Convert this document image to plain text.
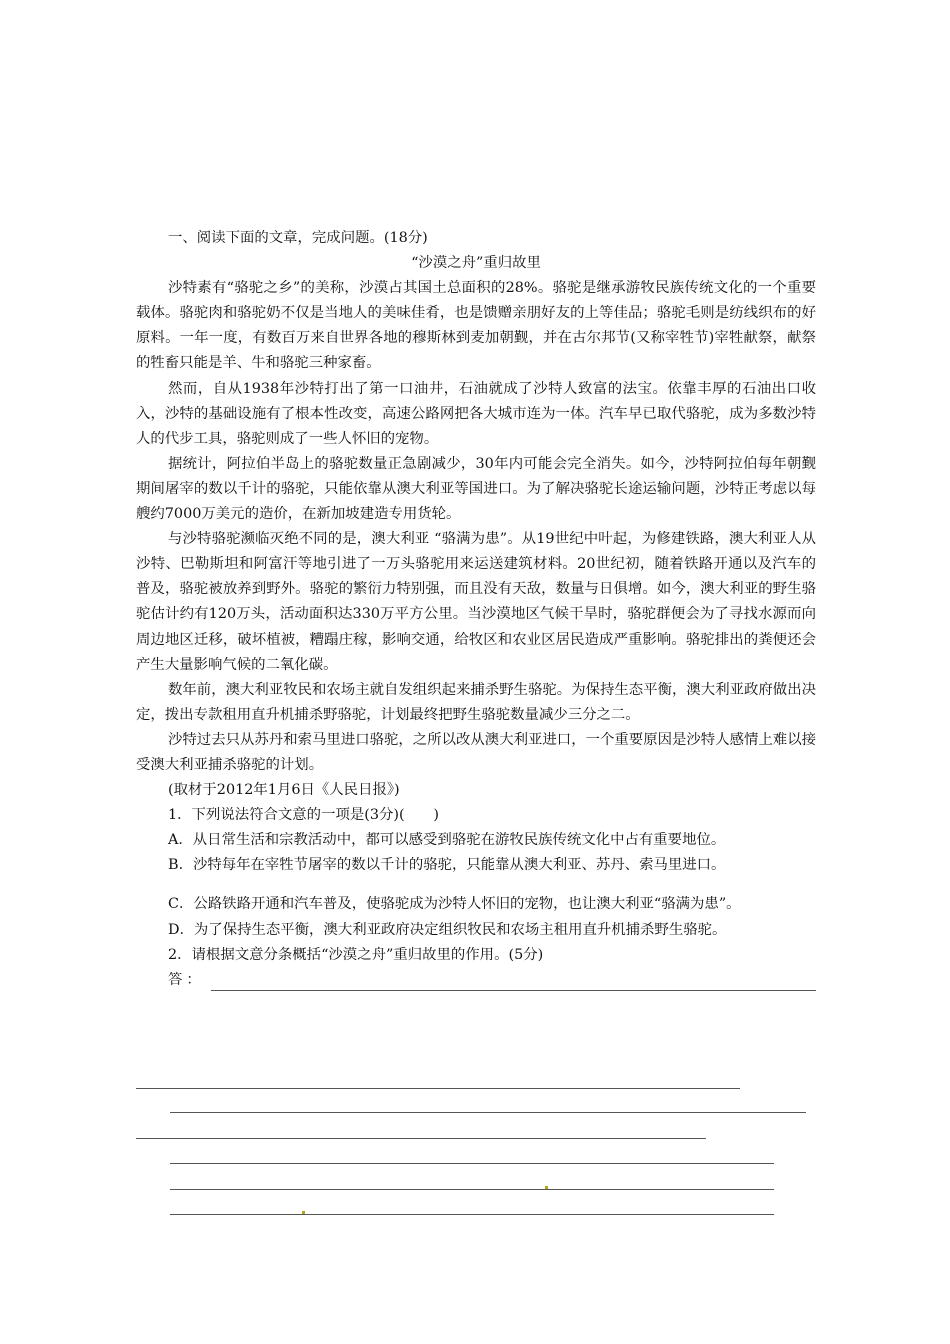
一、阅读下面的文章，完成问题。(18分)

“沙漠之舟”重归故里

沙特素有“骆驼之乡”的美称，沙漠占其国土总面积的28%。骆驼是继承游牧民族传统文化的一个重要载体。骆驼肉和骆驼奶不仅是当地人的美味佳肴，也是馈赠亲朋好友的上等佳品；骆驼毛则是纺线织布的好原料。一年一度，有数百万来自世界各地的穆斯林到麦加朝觐，并在古尔邦节(又称宰牲节)宰牲献祭，献祭的牲畜只能是羊、牛和骆驼三种家畜。

然而，自从1938年沙特打出了第一口油井，石油就成了沙特人致富的法宝。依靠丰厚的石油出口收入，沙特的基础设施有了根本性改变，高速公路网把各大城市连为一体。汽车早已取代骆驼，成为多数沙特人的代步工具，骆驼则成了一些人怀旧的宠物。

据统计，阿拉伯半岛上的骆驼数量正急剧减少，30年内可能会完全消失。如今，沙特阿拉伯每年朝觐期间屠宰的数以千计的骆驼，只能依靠从澳大利亚等国进口。为了解决骆驼长途运输问题，沙特正考虑以每艘约7000万美元的造价，在新加坡建造专用货轮。

与沙特骆驼濒临灭绝不同的是，澳大利亚 “骆满为患”。从19世纪中叶起，为修建铁路，澳大利亚人从沙特、巴勒斯坦和阿富汗等地引进了一万头骆驼用来运送建筑材料。20世纪初，随着铁路开通以及汽车的普及，骆驼被放养到野外。骆驼的繁衍力特别强，而且没有天敌，数量与日俱增。如今，澳大利亚的野生骆驼估计约有120万头，活动面积达330万平方公里。当沙漠地区气候干旱时，骆驼群便会为了寻找水源而向周边地区迁移，破坏植被，糟蹋庄稼，影响交通，给牧区和农业区居民造成严重影响。骆驼排出的粪便还会产生大量影响气候的二氧化碳。

数年前，澳大利亚牧民和农场主就自发组织起来捕杀野生骆驼。为保持生态平衡，澳大利亚政府做出决定，拨出专款租用直升机捕杀野骆驼，计划最终把野生骆驼数量减少三分之二。

沙特过去只从苏丹和索马里进口骆驼，之所以改从澳大利亚进口，一个重要原因是沙特人感情上难以接受澳大利亚捕杀骆驼的计划。

(取材于2012年1月6日《人民日报》)

1．下列说法符合文意的一项是(3分)(　　)

A．从日常生活和宗教活动中，都可以感受到骆驼在游牧民族传统文化中占有重要地位。

B．沙特每年在宰牲节屠宰的数以千计的骆驼，只能靠从澳大利亚、苏丹、索马里进口。

C．公路铁路开通和汽车普及，使骆驼成为沙特人怀旧的宠物，也让澳大利亚“骆满为患”。

D．为了保持生态平衡，澳大利亚政府决定组织牧民和农场主租用直升机捕杀野生骆驼。

2．请根据文意分条概括“沙漠之舟”重归故里的作用。(5分)

答：
